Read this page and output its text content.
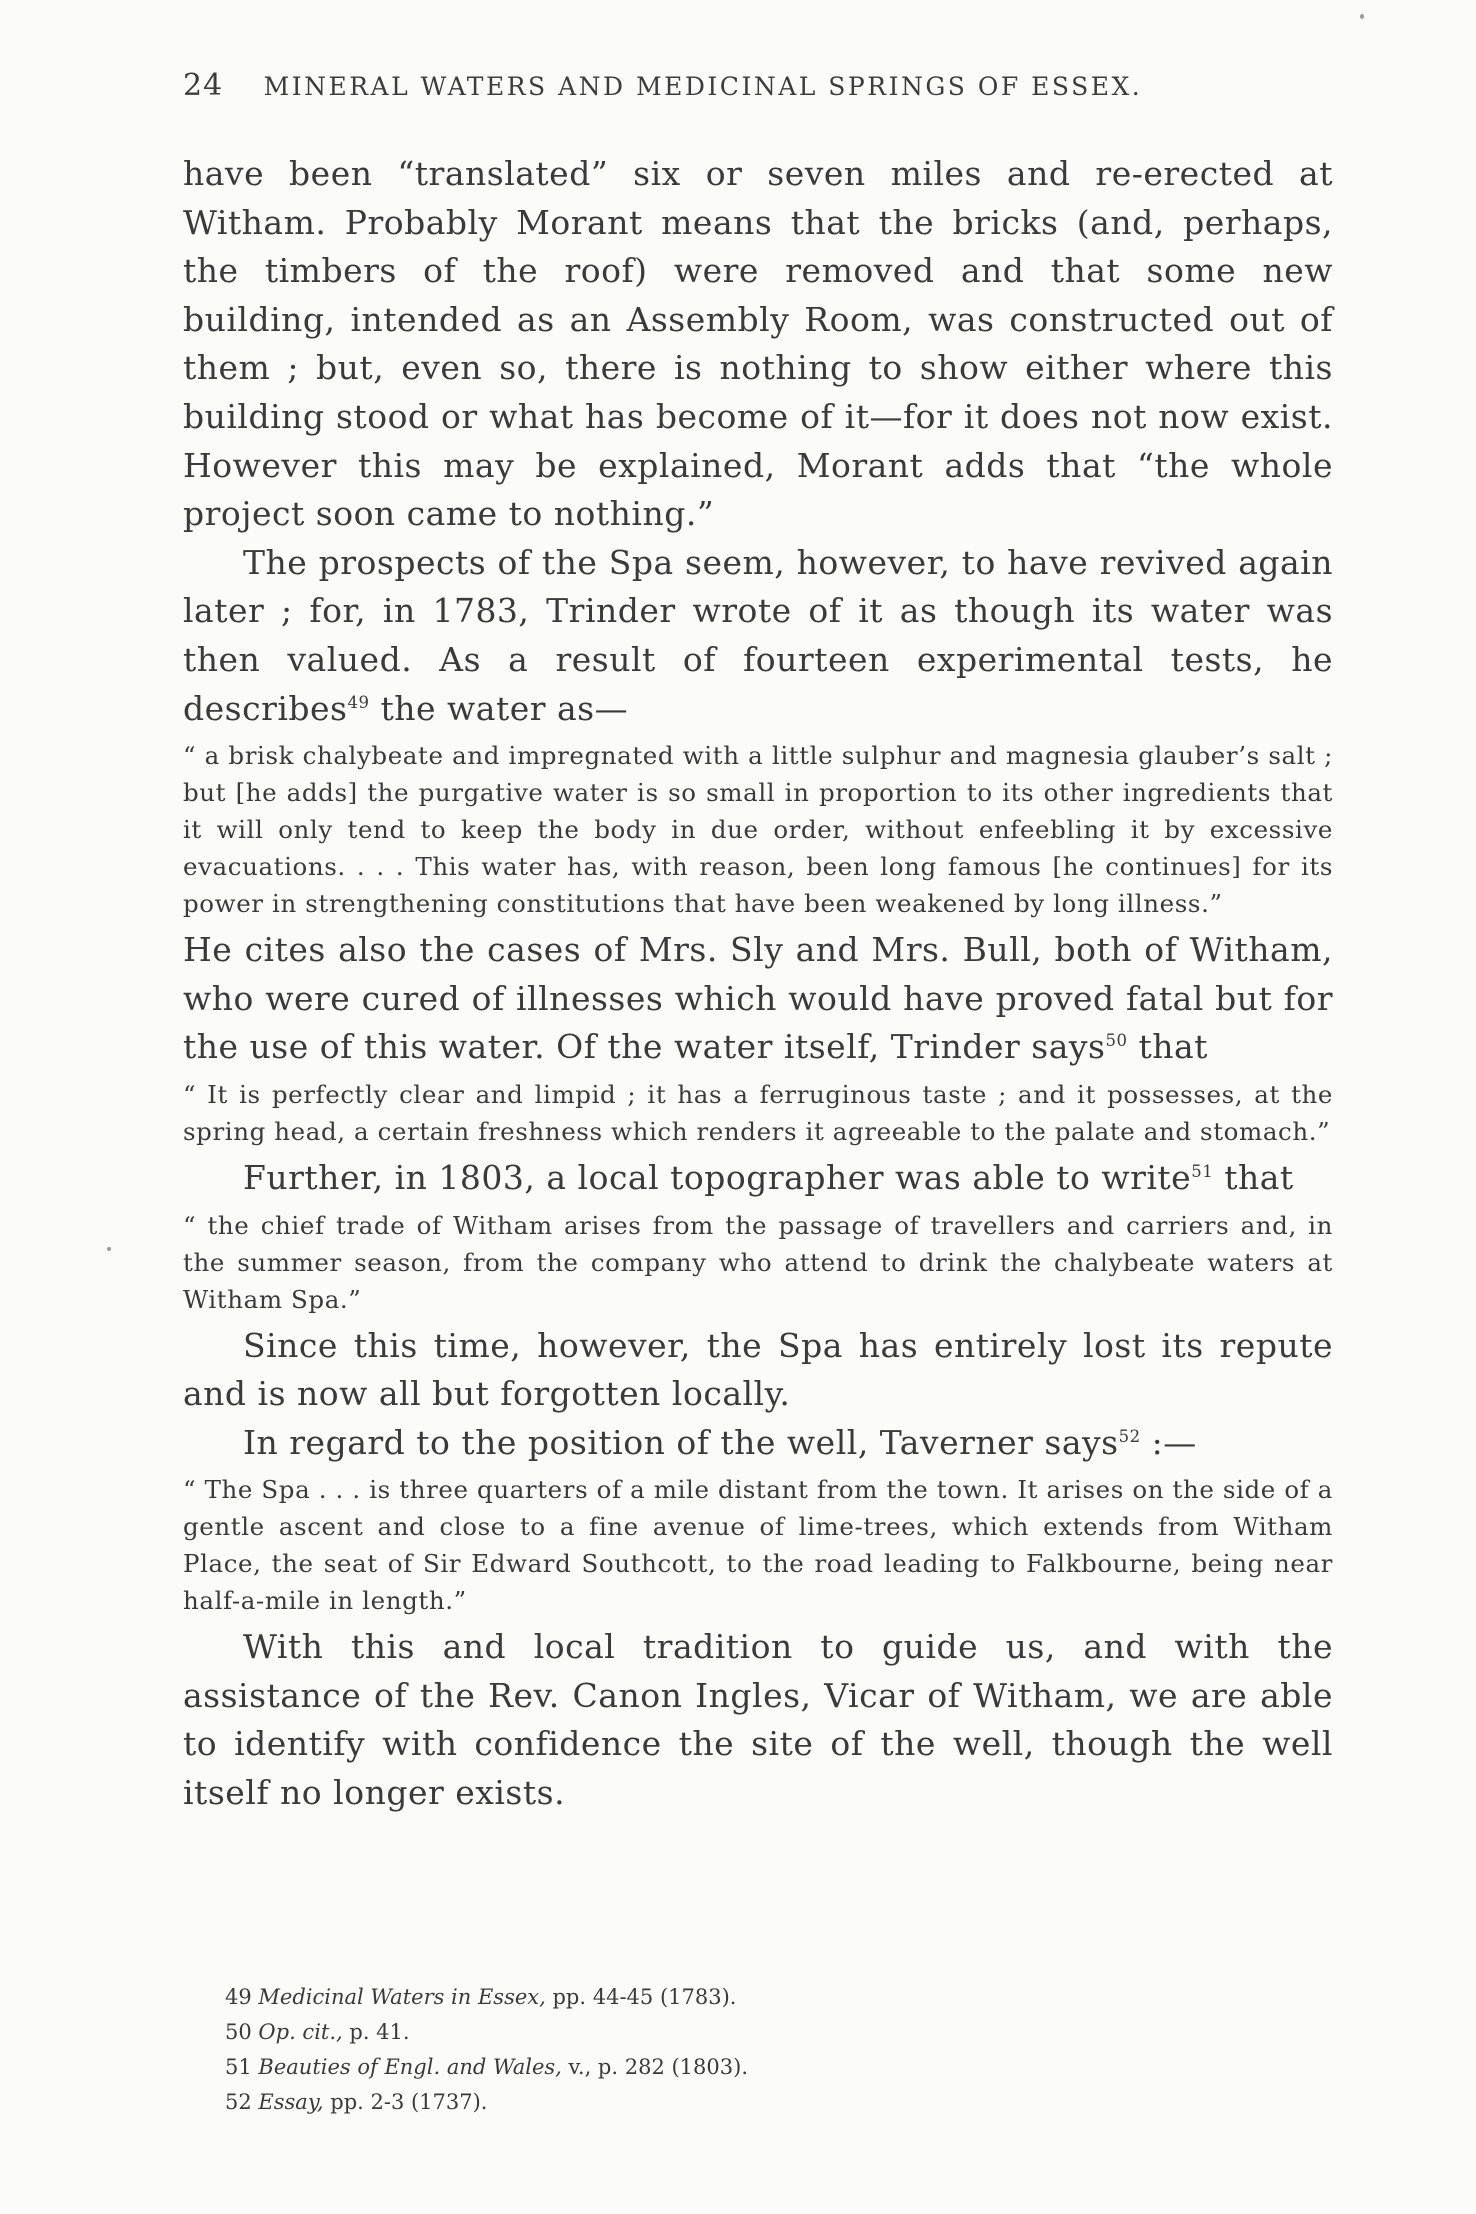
24 MINERAL WATERS AND MEDICINAL SPRINGS OF ESSEX.

have been “translated” six or seven miles and re-erected at Witham. Probably Morant means that the bricks (and, perhaps, the timbers of the roof) were removed and that some new building, intended as an Assembly Room, was constructed out of them ; but, even so, there is nothing to show either where this building stood or what has become of it—for it does not now exist. However this may be explained, Morant adds that “the whole project soon came to nothing.”

The prospects of the Spa seem, however, to have revived again later ; for, in 1783, Trinder wrote of it as though its water was then valued. As a result of fourteen experimental tests, he describes$^{49}$ the water as—

“ a brisk chalybeate and impregnated with a little sulphur and magnesia glauber’s salt ; but [he adds] the purgative water is so small in proportion to its other ingredients that it will only tend to keep the body in due order, without enfeebling it by excessive evacuations. . . . This water has, with reason, been long famous [he continues] for its power in strengthening constitutions that have been weakened by long illness.”

He cites also the cases of Mrs. Sly and Mrs. Bull, both of Witham, who were cured of illnesses which would have proved fatal but for the use of this water. Of the water itself, Trinder says$^{50}$ that

“ It is perfectly clear and limpid ; it has a ferruginous taste ; and it possesses, at the spring head, a certain freshness which renders it agreeable to the palate and stomach.”

Further, in 1803, a local topographer was able to write$^{51}$ that

“ the chief trade of Witham arises from the passage of travellers and carriers and, in the summer season, from the company who attend to drink the chalybeate waters at Witham Spa.”

Since this time, however, the Spa has entirely lost its repute and is now all but forgotten locally.

In regard to the position of the well, Taverner says$^{52}$ :—

“ The Spa . . . is three quarters of a mile distant from the town. It arises on the side of a gentle ascent and close to a fine avenue of lime-trees, which extends from Witham Place, the seat of Sir Edward Southcott, to the road leading to Falkbourne, being near half-a-mile in length.”

With this and local tradition to guide us, and with the assistance of the Rev. Canon Ingles, Vicar of Witham, we are able to identify with confidence the site of the well, though the well itself no longer exists.

49 Medicinal Waters in Essex, pp. 44-45 (1783).
50 Op. cit., p. 41.
51 Beauties of Engl. and Wales, v., p. 282 (1803).
52 Essay, pp. 2-3 (1737).
